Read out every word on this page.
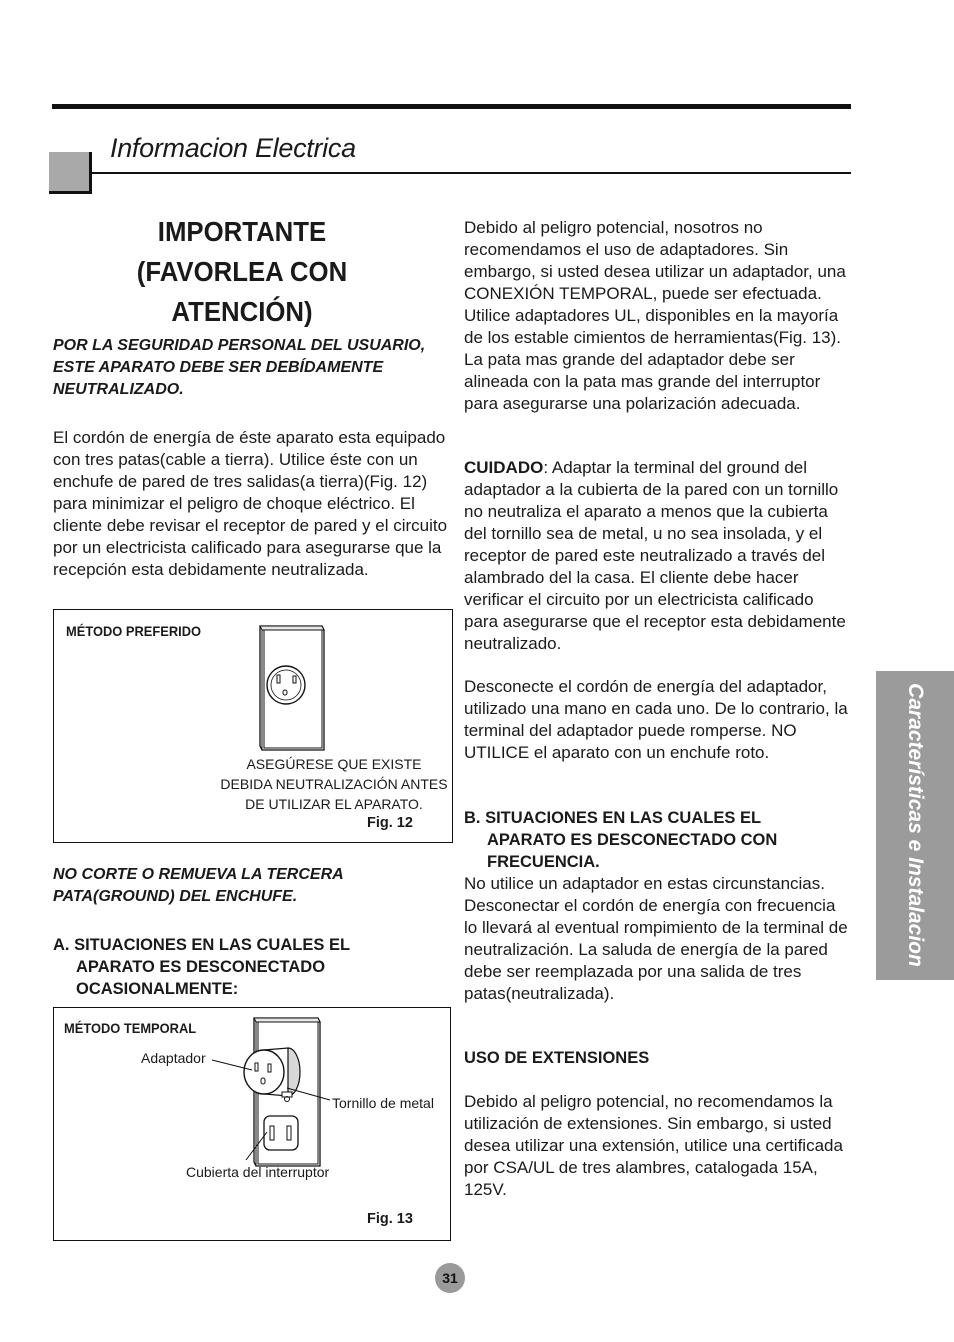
Informacion Electrica
IMPORTANTE
(FAVORLEA CON ATENCIÓN)
POR LA SEGURIDAD PERSONAL DEL USUARIO, ESTE APARATO DEBE SER DEBÍDAMENTE NEUTRALIZADO.
El cordón de energía de éste aparato esta equipado con tres patas(cable a tierra). Utilice éste con un enchufe de pared de tres salidas(a tierra)(Fig. 12) para minimizar el peligro de choque eléctrico. El cliente debe revisar el receptor de pared y el circuito por un electricista calificado para asegurarse que la recepción esta debidamente neutralizada.
MÉTODO PREFERIDO
ASEGÚRESE QUE EXISTE
DEBIDA NEUTRALIZACIÓN ANTES
DE UTILIZAR EL APARATO.
Fig. 12
NO CORTE O REMUEVA LA TERCERA PATA(GROUND) DEL ENCHUFE.
A. SITUACIONES EN LAS CUALES EL
APARATO ES DESCONECTADO
OCASIONALMENTE:
MÉTODO TEMPORAL
Adaptador
Tornillo de metal
Cubierta del interruptor
Fig. 13
Debido al peligro potencial, nosotros no recomendamos el uso de adaptadores. Sin embargo, si usted desea utilizar un adaptador, una CONEXIÓN TEMPORAL, puede ser efectuada. Utilice adaptadores UL, disponibles en la mayoría de los estable cimientos de herramientas(Fig. 13). La pata mas grande del adaptador debe ser alineada con la pata mas grande del interruptor para asegurarse una polarización adecuada.
CUIDADO: Adaptar la terminal del ground del adaptador a la cubierta de la pared con un tornillo no neutraliza el aparato a menos que la cubierta del tornillo sea de metal, u no sea insolada, y el receptor de pared este neutralizado a través del alambrado del la casa. El cliente debe hacer verificar el circuito por un electricista calificado para asegurarse que el receptor esta debidamente neutralizado.
Desconecte el cordón de energía del adaptador, utilizado una mano en cada uno. De lo contrario, la terminal del adaptador puede romperse. NO UTILICE el aparato con un enchufe roto.
B. SITUACIONES EN LAS CUALES EL
APARATO ES DESCONECTADO CON
FRECUENCIA.
No utilice un adaptador en estas circunstancias. Desconectar el cordón de energía con frecuencia lo llevará al eventual rompimiento de la terminal de neutralización. La saluda de energía de la pared debe ser reemplazada por una salida de tres patas(neutralizada).
USO DE EXTENSIONES
Debido al peligro potencial, no recomendamos la utilización de extensiones. Sin embargo, si usted desea utilizar una extensión, utilice una certificada por CSA/UL de tres alambres, catalogada 15A, 125V.
Características e Instalacion
31
